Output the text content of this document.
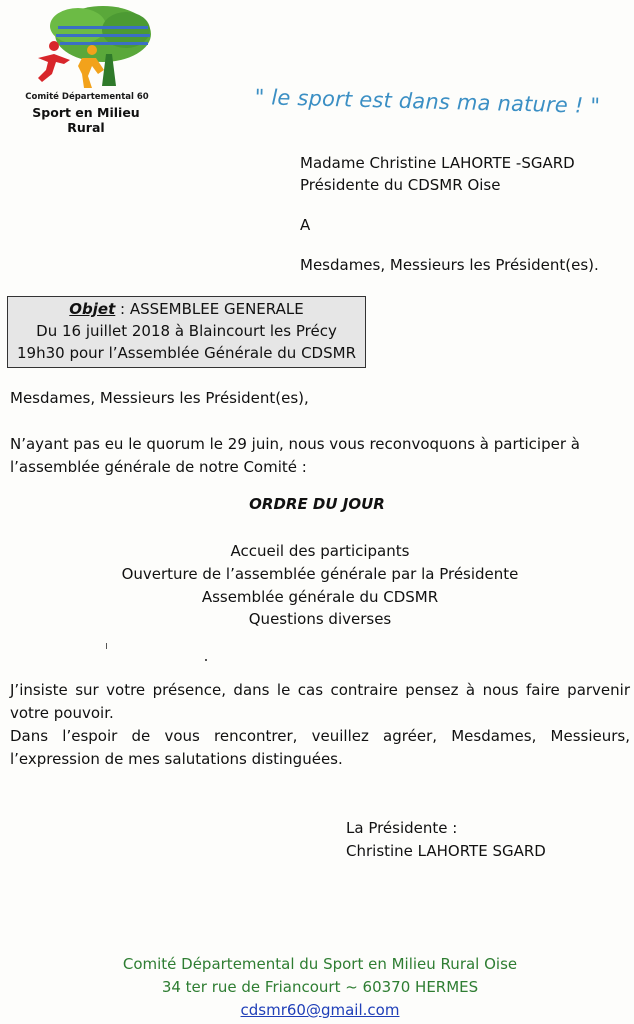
Comité Départemental 60
Sport en Milieu Rural
" le sport est dans ma nature ! "
Madame Christine LAHORTE -SGARD
Présidente du CDSMR Oise
A
Mesdames, Messieurs les Président(es).
Objet : ASSEMBLEE GENERALE
Du 16 juillet 2018 à Blaincourt les Précy
19h30 pour l’Assemblée Générale du CDSMR
Mesdames, Messieurs les Président(es),
N’ayant pas eu le quorum le 29 juin, nous vous reconvoquons à participer à l’assemblée générale de notre Comité :
ORDRE DU JOUR
Accueil des participants
Ouverture de l’assemblée générale par la Présidente
Assemblée générale du CDSMR
Questions diverses
J’insiste sur votre présence, dans le cas contraire pensez à nous faire parvenir votre pouvoir.
Dans l’espoir de vous rencontrer, veuillez agréer, Mesdames, Messieurs, l’expression de mes salutations distinguées.
La Présidente :
Christine LAHORTE SGARD
Comité Départemental du Sport en Milieu Rural Oise
34 ter rue de Friancourt ~ 60370 HERMES
cdsmr60@gmail.com
